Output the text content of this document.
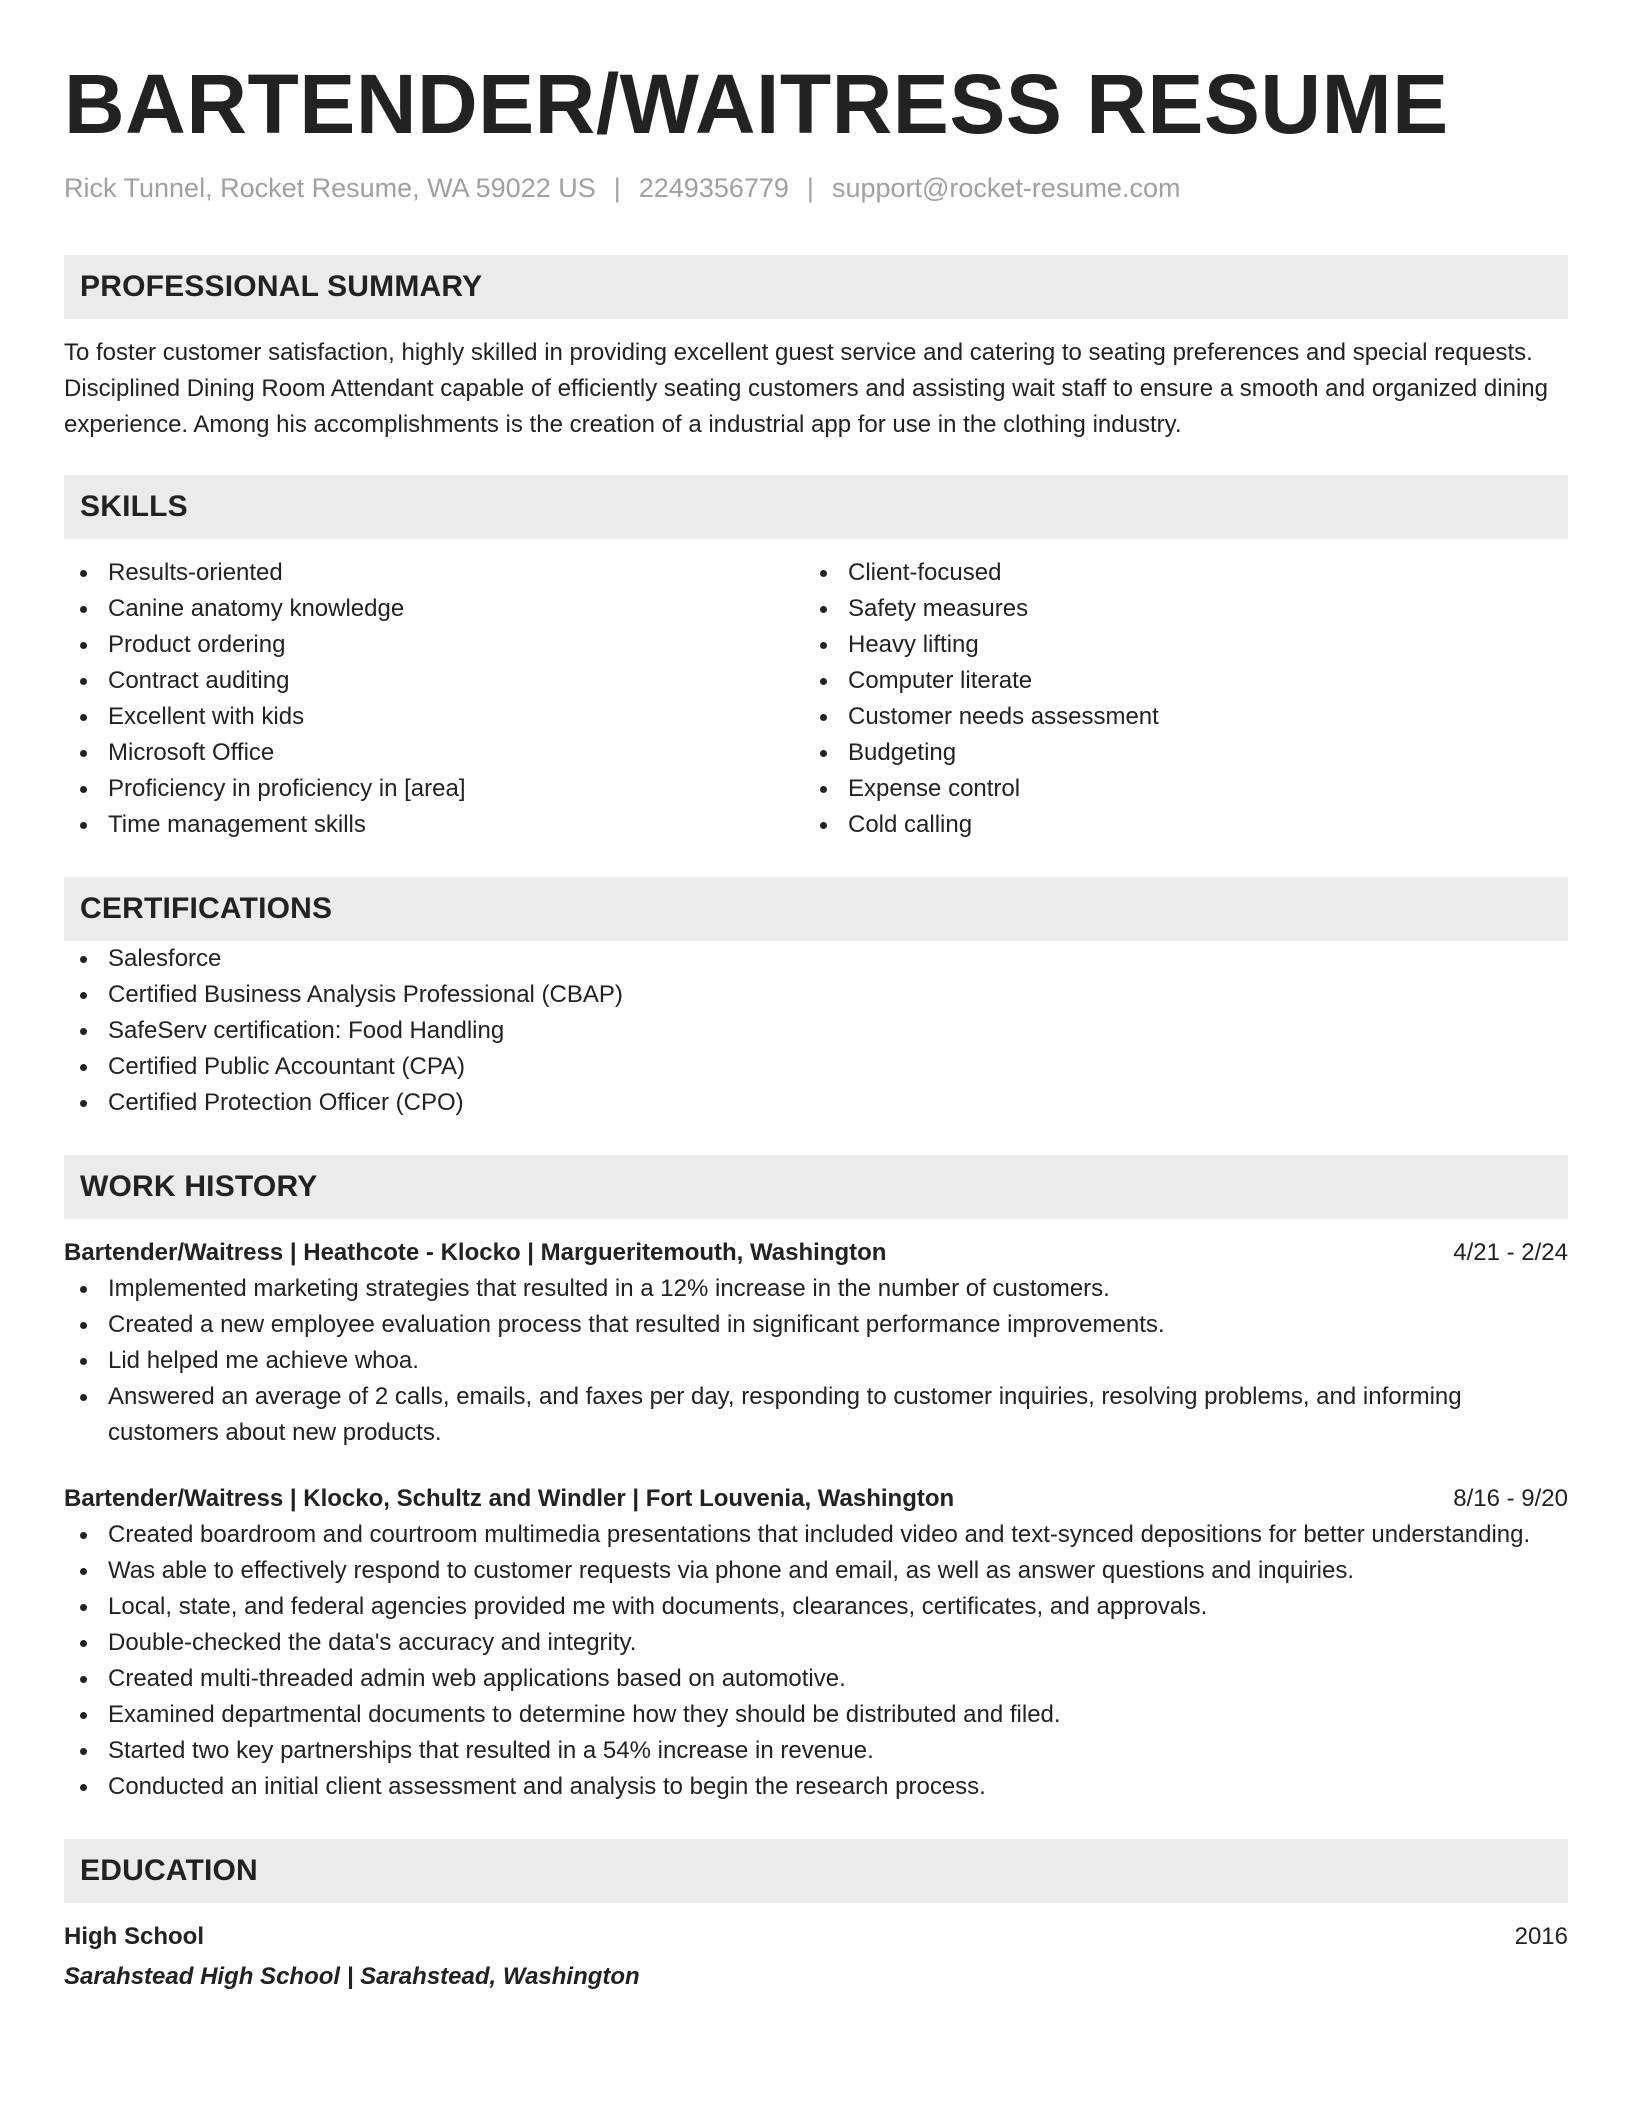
BARTENDER/WAITRESS RESUME
Rick Tunnel, Rocket Resume, WA 59022 US | 2249356779 | support@rocket-resume.com
PROFESSIONAL SUMMARY

To foster customer satisfaction, highly skilled in providing excellent guest service and catering to seating preferences and special requests. Disciplined Dining Room Attendant capable of efficiently seating customers and assisting wait staff to ensure a smooth and organized dining experience. Among his accomplishments is the creation of a industrial app for use in the clothing industry.

SKILLS
Results-oriented
Canine anatomy knowledge
Product ordering
Contract auditing
Excellent with kids
Microsoft Office
Proficiency in proficiency in [area]
Time management skills
Client-focused
Safety measures
Heavy lifting
Computer literate
Customer needs assessment
Budgeting
Expense control
Cold calling
CERTIFICATIONS
Salesforce
Certified Business Analysis Professional (CBAP)
SafeServ certification: Food Handling
Certified Public Accountant (CPA)
Certified Protection Officer (CPO)
WORK HISTORY
Bartender/Waitress | Heathcote - Klocko | Margueritemouth, Washington	4/21 - 2/24
Implemented marketing strategies that resulted in a 12% increase in the number of customers.
Created a new employee evaluation process that resulted in significant performance improvements.
Lid helped me achieve whoa.
Answered an average of 2 calls, emails, and faxes per day, responding to customer inquiries, resolving problems, and informing customers about new products.
Bartender/Waitress | Klocko, Schultz and Windler | Fort Louvenia, Washington	8/16 - 9/20
Created boardroom and courtroom multimedia presentations that included video and text-synced depositions for better understanding.
Was able to effectively respond to customer requests via phone and email, as well as answer questions and inquiries.
Local, state, and federal agencies provided me with documents, clearances, certificates, and approvals.
Double-checked the data's accuracy and integrity.
Created multi-threaded admin web applications based on automotive.
Examined departmental documents to determine how they should be distributed and filed.
Started two key partnerships that resulted in a 54% increase in revenue.
Conducted an initial client assessment and analysis to begin the research process.
EDUCATION
High School	2016
Sarahstead High School | Sarahstead, Washington
